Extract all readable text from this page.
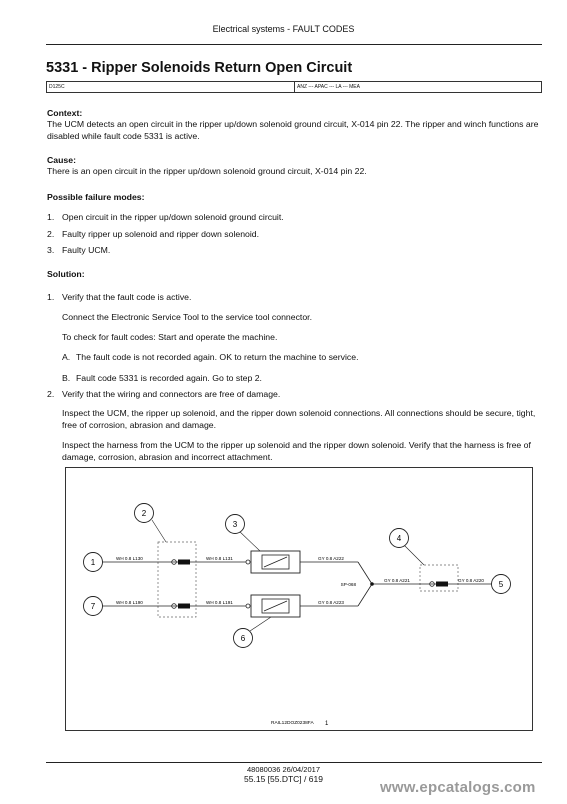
Electrical systems - FAULT CODES
5331 - Ripper Solenoids Return Open Circuit
D125C	ANZ --- APAC --- LA --- MEA
Context:
The UCM detects an open circuit in the ripper up/down solenoid ground circuit, X-014 pin 22. The ripper and winch functions are disabled while fault code 5331 is active.
Cause:
There is an open circuit in the ripper up/down solenoid ground circuit, X-014 pin 22.
Possible failure modes:
1. Open circuit in the ripper up/down solenoid ground circuit.
2. Faulty ripper up solenoid and ripper down solenoid.
3. Faulty UCM.
Solution:
1. Verify that the fault code is active.
Connect the Electronic Service Tool to the service tool connector.
To check for fault codes: Start and operate the machine.
A. The fault code is not recorded again. OK to return the machine to service.
B. Fault code 5331 is recorded again. Go to step 2.
2. Verify that the wiring and connectors are free of damage.
Inspect the UCM, the ripper up solenoid, and the ripper down solenoid connections. All connections should be secure, tight, free of corrosion, abrasion and damage.
Inspect the harness from the UCM to the ripper up solenoid and the ripper down solenoid. Verify that the harness is free of damage, corrosion, abrasion and incorrect attachment.
1
2
3
4
5
6
7
WH 0.8 L130	WH 0.8 L131
WH 0.8 L190	WH 0.8 L191
GY 0.8 A222
GY 0.8 A223
GY 0.8 A221	GY 0.8 A220
SP-068
RAIL12DOZ0238FA 1
48080036 26/04/2017
55.15 [55.DTC] / 619	www.epcatalogs.com
